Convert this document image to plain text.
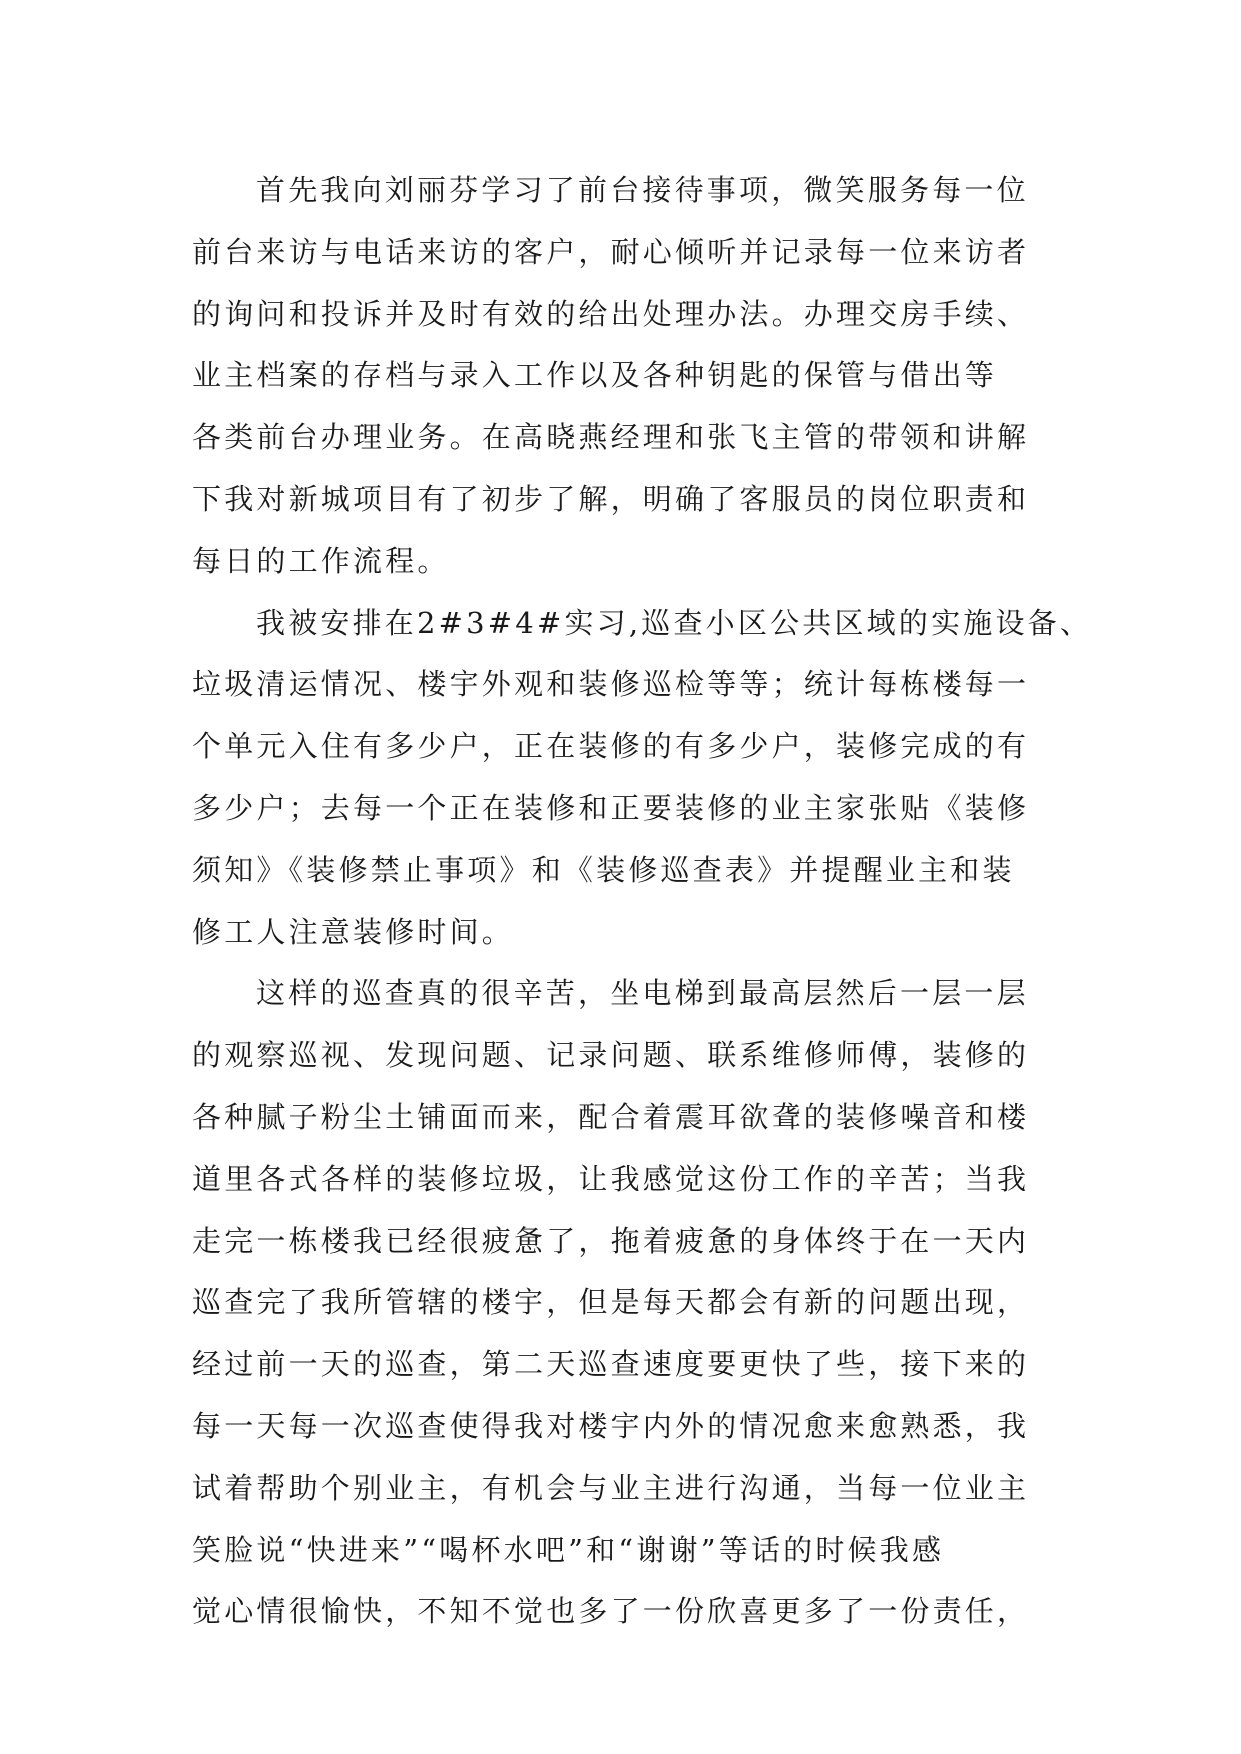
首先我向刘丽芬学习了前台接待事项，微笑服务每一位
前台来访与电话来访的客户，耐心倾听并记录每一位来访者
的询问和投诉并及时有效的给出处理办法。办理交房手续、
业主档案的存档与录入工作以及各种钥匙的保管与借出等
各类前台办理业务。在高晓燕经理和张飞主管的带领和讲解
下我对新城项目有了初步了解，明确了客服员的岗位职责和
每日的工作流程。

我被安排在2#3#4#实习,巡查小区公共区域的实施设备、
垃圾清运情况、楼宇外观和装修巡检等等；统计每栋楼每一
个单元入住有多少户，正在装修的有多少户，装修完成的有
多少户；去每一个正在装修和正要装修的业主家张贴《装修
须知》《装修禁止事项》和《装修巡查表》并提醒业主和装
修工人注意装修时间。

这样的巡查真的很辛苦，坐电梯到最高层然后一层一层
的观察巡视、发现问题、记录问题、联系维修师傅，装修的
各种腻子粉尘土铺面而来，配合着震耳欲聋的装修噪音和楼
道里各式各样的装修垃圾，让我感觉这份工作的辛苦；当我
走完一栋楼我已经很疲惫了，拖着疲惫的身体终于在一天内
巡查完了我所管辖的楼宇，但是每天都会有新的问题出现，
经过前一天的巡查，第二天巡查速度要更快了些，接下来的
每一天每一次巡查使得我对楼宇内外的情况愈来愈熟悉，我
试着帮助个别业主，有机会与业主进行沟通，当每一位业主
笑脸说“快进来”“喝杯水吧”和“谢谢”等话的时候我感
觉心情很愉快，不知不觉也多了一份欣喜更多了一份责任，
